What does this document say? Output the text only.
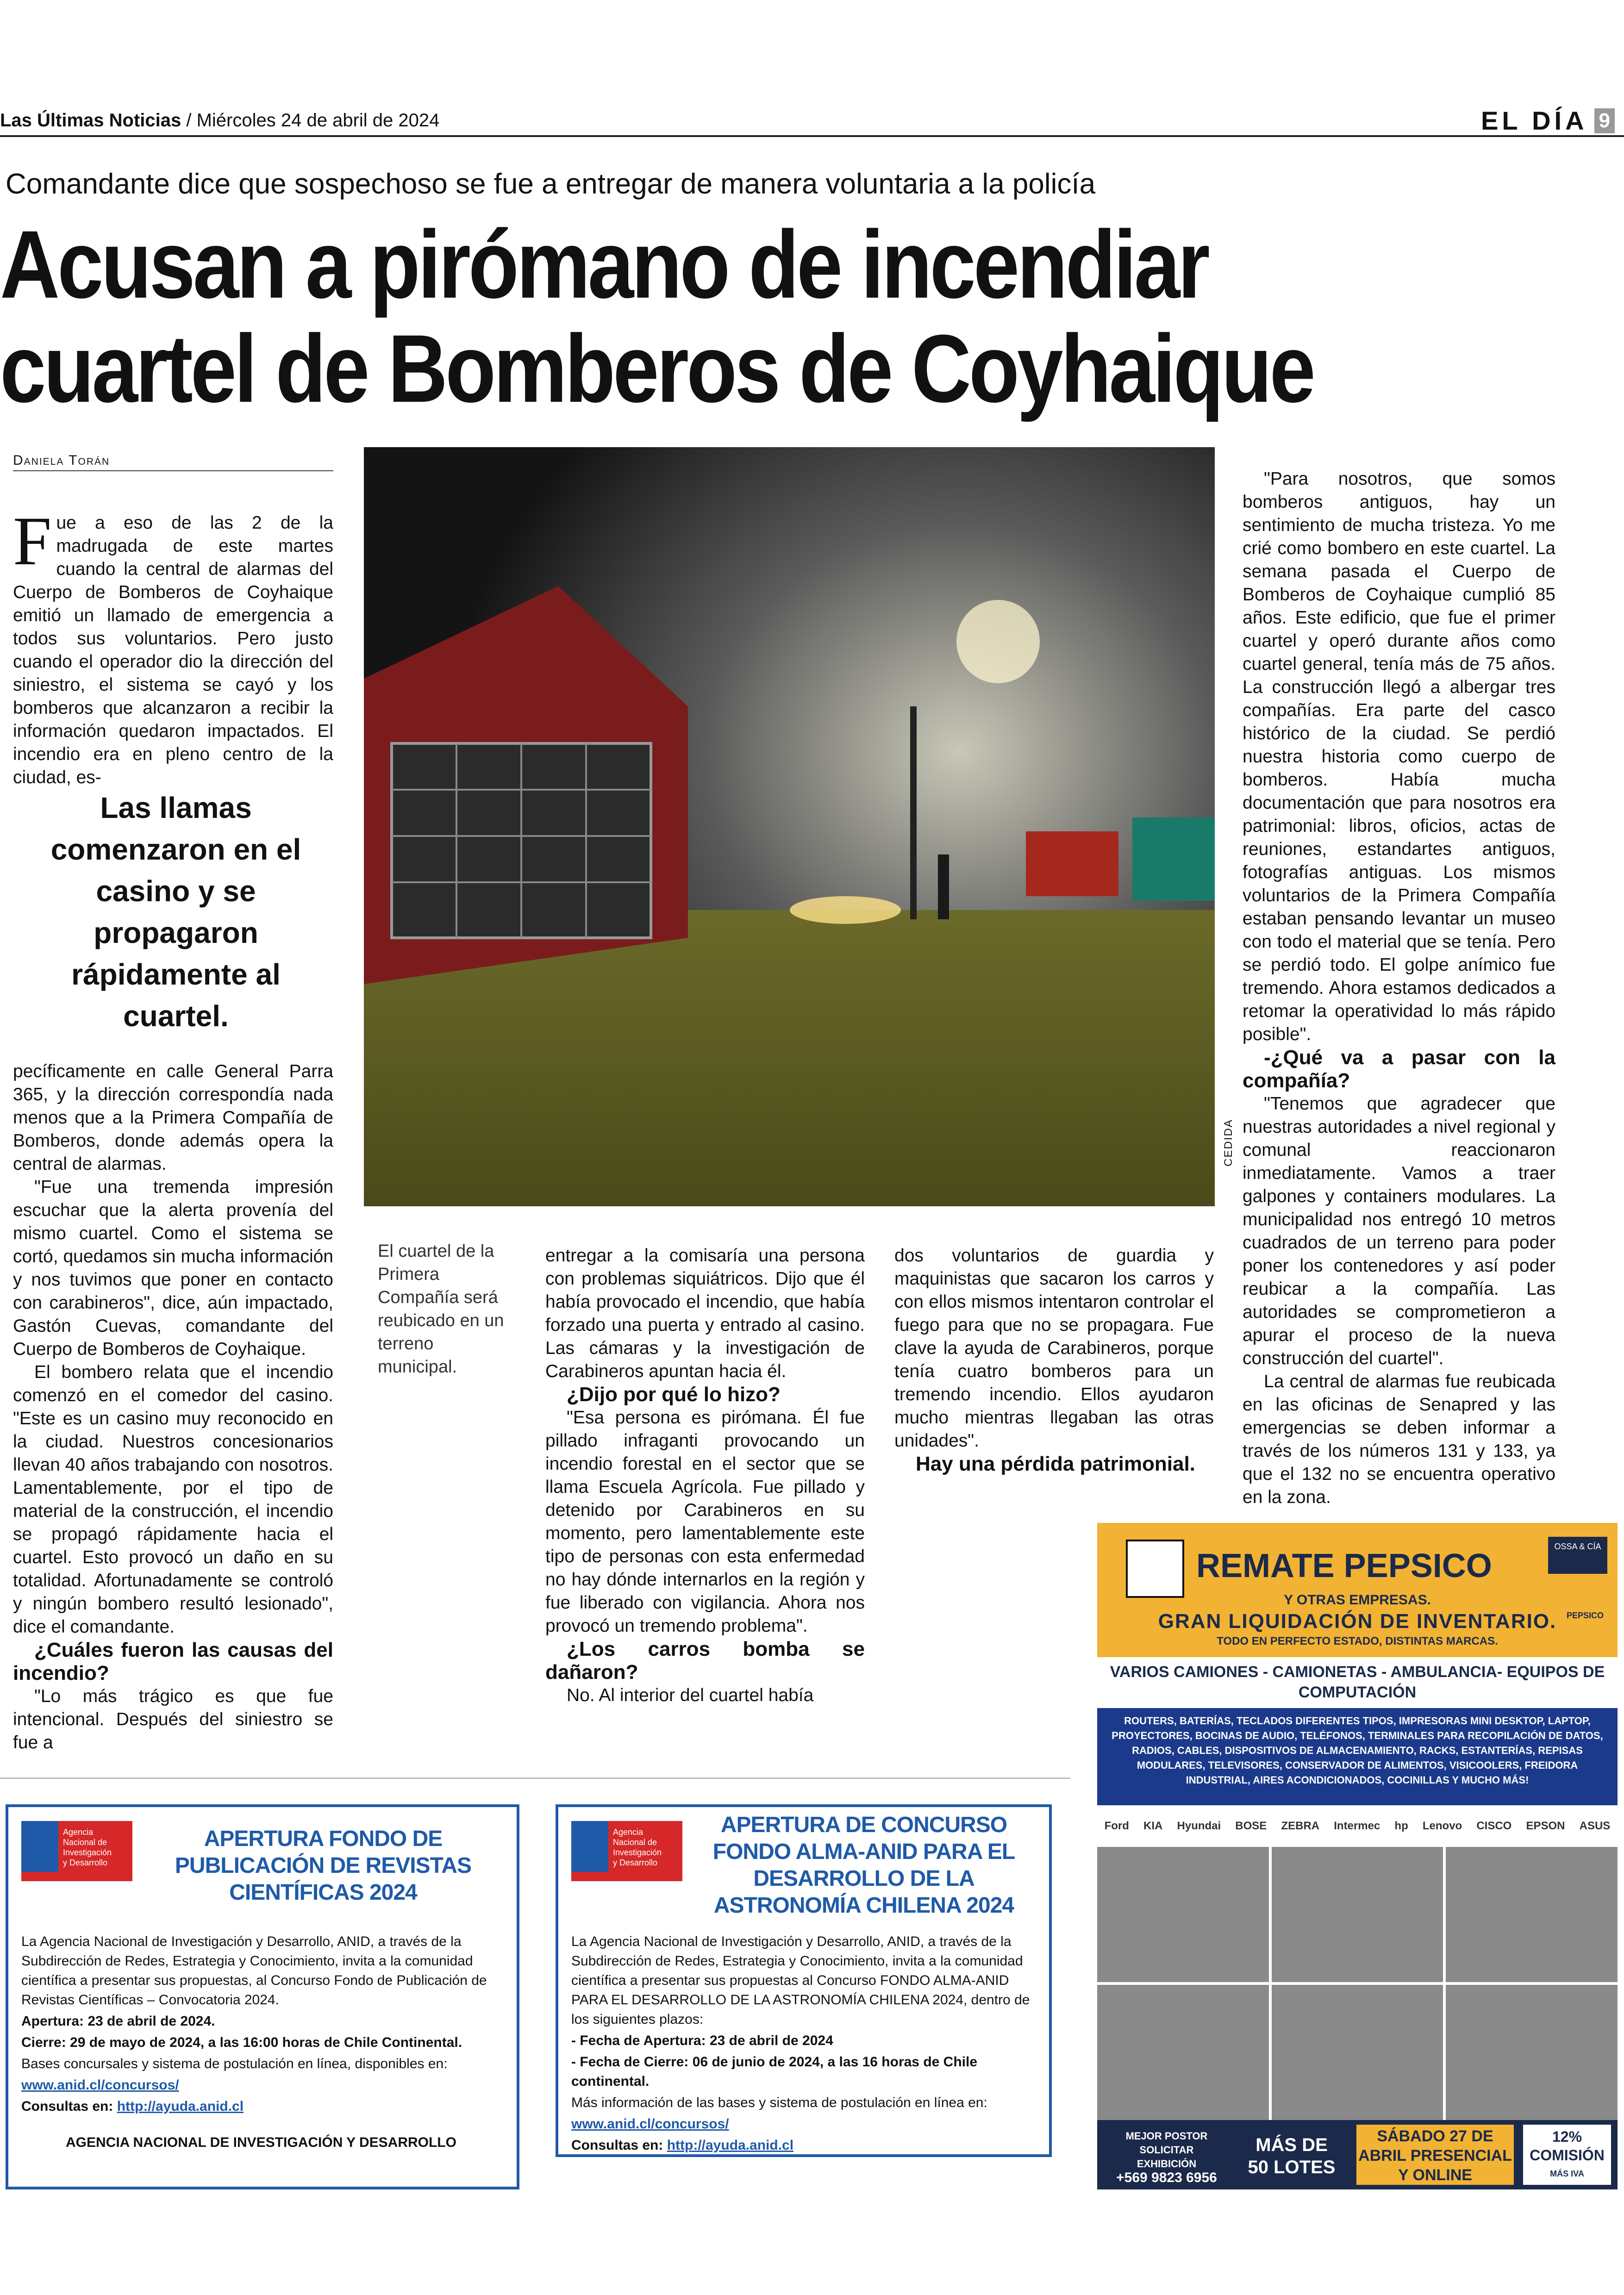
Las Últimas Noticias / Miércoles 24 de abril de 2024	EL DÍA 9
Comandante dice que sospechoso se fue a entregar de manera voluntaria a la policía
Acusan a pirómano de incendiar
cuartel de Bomberos de Coyhaique
Daniela Torán

Fue a eso de las 2 de la madrugada de este martes cuando la central de alarmas del Cuerpo de Bomberos de Coyhaique emitió un llamado de emergencia a todos sus voluntarios. Pero justo cuando el operador dio la dirección del siniestro, el sistema se cayó y los bomberos que alcanzaron a recibir la información quedaron impactados. El incendio era en pleno centro de la ciudad, es-

Las llamas comenzaron en el casino y se propagaron rápidamente al cuartel.

pecíficamente en calle General Parra 365, y la dirección correspondía nada menos que a la Primera Compañía de Bomberos, donde además opera la central de alarmas.

"Fue una tremenda impresión escuchar que la alerta provenía del mismo cuartel. Como el sistema se cortó, quedamos sin mucha información y nos tuvimos que poner en contacto con carabineros", dice, aún impactado, Gastón Cuevas, comandante del Cuerpo de Bomberos de Coyhaique.

El bombero relata que el incendio comenzó en el comedor del casino. "Este es un casino muy reconocido en la ciudad. Nuestros concesionarios llevan 40 años trabajando con nosotros. Lamentablemente, por el tipo de material de la construcción, el incendio se propagó rápidamente hacia el cuartel. Esto provocó un daño en su totalidad. Afortunadamente se controló y ningún bombero resultó lesionado", dice el comandante.

¿Cuáles fueron las causas del incendio?

"Lo más trágico es que fue intencional. Después del siniestro se fue a

CEDIDA
El cuartel de la Primera Compañía será reubicado en un terreno municipal.

entregar a la comisaría una persona con problemas siquiátricos. Dijo que él había provocado el incendio, que había forzado una puerta y entrado al casino. Las cámaras y la investigación de Carabineros apuntan hacia él.

¿Dijo por qué lo hizo?

"Esa persona es pirómana. Él fue pillado infraganti provocando un incendio forestal en el sector que se llama Escuela Agrícola. Fue pillado y detenido por Carabineros en su momento, pero lamentablemente este tipo de personas con esta enfermedad no hay dónde internarlos en la región y fue liberado con vigilancia. Ahora nos provocó un tremendo problema".

¿Los carros bomba se dañaron?

No. Al interior del cuartel había

dos voluntarios de guardia y maquinistas que sacaron los carros y con ellos mismos intentaron controlar el fuego para que no se propagara. Fue clave la ayuda de Carabineros, porque tenía cuatro bomberos para un tremendo incendio. Ellos ayudaron mucho mientras llegaban las otras unidades".

Hay una pérdida patrimonial.

"Para nosotros, que somos bomberos antiguos, hay un sentimiento de mucha tristeza. Yo me crié como bombero en este cuartel. La semana pasada el Cuerpo de Bomberos de Coyhaique cumplió 85 años. Este edificio, que fue el primer cuartel y operó durante años como cuartel general, tenía más de 75 años. La construcción llegó a albergar tres compañías. Era parte del casco histórico de la ciudad. Se perdió nuestra historia como cuerpo de bomberos. Había mucha documentación que para nosotros era patrimonial: libros, oficios, actas de reuniones, estandartes antiguos, fotografías antiguas. Los mismos voluntarios de la Primera Compañía estaban pensando levantar un museo con todo el material que se tenía. Pero se perdió todo. El golpe anímico fue tremendo. Ahora estamos dedicados a retomar la operatividad lo más rápido posible".

-¿Qué va a pasar con la compañía?

"Tenemos que agradecer que nuestras autoridades a nivel regional y comunal reaccionaron inmediatamente. Vamos a traer galpones y containers modulares. La municipalidad nos entregó 10 metros cuadrados de un terreno para poder poner los contenedores y así poder reubicar a la compañía. Las autoridades se comprometieron a apurar el proceso de la nueva construcción del cuartel".

La central de alarmas fue reubicada en las oficinas de Senapred y las emergencias se deben informar a través de los números 131 y 133, ya que el 132 no se encuentra operativo en la zona.

Agencia
Nacional de
Investigación
y Desarrollo
APERTURA FONDO DE PUBLICACIÓN DE REVISTAS CIENTÍFICAS 2024

La Agencia Nacional de Investigación y Desarrollo, ANID, a través de la Subdirección de Redes, Estrategia y Conocimiento, invita a la comunidad científica a presentar sus propuestas, al Concurso Fondo de Publicación de Revistas Científicas – Convocatoria 2024.

Apertura: 23 de abril de 2024.

Cierre: 29 de mayo de 2024, a las 16:00 horas de Chile Continental.

Bases concursales y sistema de postulación en línea, disponibles en:

www.anid.cl/concursos/

Consultas en: http://ayuda.anid.cl

AGENCIA NACIONAL DE INVESTIGACIÓN Y DESARROLLO

Agencia
Nacional de
Investigación
y Desarrollo
APERTURA DE CONCURSO FONDO ALMA-ANID PARA EL DESARROLLO DE LA ASTRONOMÍA CHILENA 2024

La Agencia Nacional de Investigación y Desarrollo, ANID, a través de la Subdirección de Redes, Estrategia y Conocimiento, invita a la comunidad científica a presentar sus propuestas al Concurso FONDO ALMA-ANID PARA EL DESARROLLO DE LA ASTRONOMÍA CHILENA 2024, dentro de los siguientes plazos:

- Fecha de Apertura: 23 de abril de 2024

- Fecha de Cierre: 06 de junio de 2024, a las 16 horas de Chile continental.

Más información de las bases y sistema de postulación en línea en:

www.anid.cl/concursos/

Consultas en: http://ayuda.anid.cl

REMATE PEPSICO
OSSA & CÍA
Y OTRAS EMPRESAS.
GRAN LIQUIDACIÓN DE INVENTARIO.
TODO EN PERFECTO ESTADO, DISTINTAS MARCAS.
PEPSICO
VARIOS CAMIONES - CAMIONETAS - AMBULANCIA- EQUIPOS DE COMPUTACIÓN
ROUTERS, BATERÍAS, TECLADOS DIFERENTES TIPOS, IMPRESORAS MINI DESKTOP, LAPTOP, PROYECTORES, BOCINAS DE AUDIO, TELÉFONOS, TERMINALES PARA RECOPILACIÓN DE DATOS, RADIOS, CABLES, DISPOSITIVOS DE ALMACENAMIENTO, RACKS, ESTANTERÍAS, REPISAS MODULARES, TELEVISORES, CONSERVADOR DE ALIMENTOS, VISICOOLERS, FREIDORA INDUSTRIAL, AIRES ACONDICIONADOS, COCINILLAS Y MUCHO MÁS!
Ford KIA Hyundai BOSE ZEBRA Intermec hp Lenovo CISCO EPSON ASUS
MEJOR POSTOR
SOLICITAR EXHIBICIÓN
+569 9823 6956
MÁS DE 50 LOTES
SÁBADO 27 DE ABRIL PRESENCIAL Y ONLINE
12% COMISIÓN
MÁS IVA
